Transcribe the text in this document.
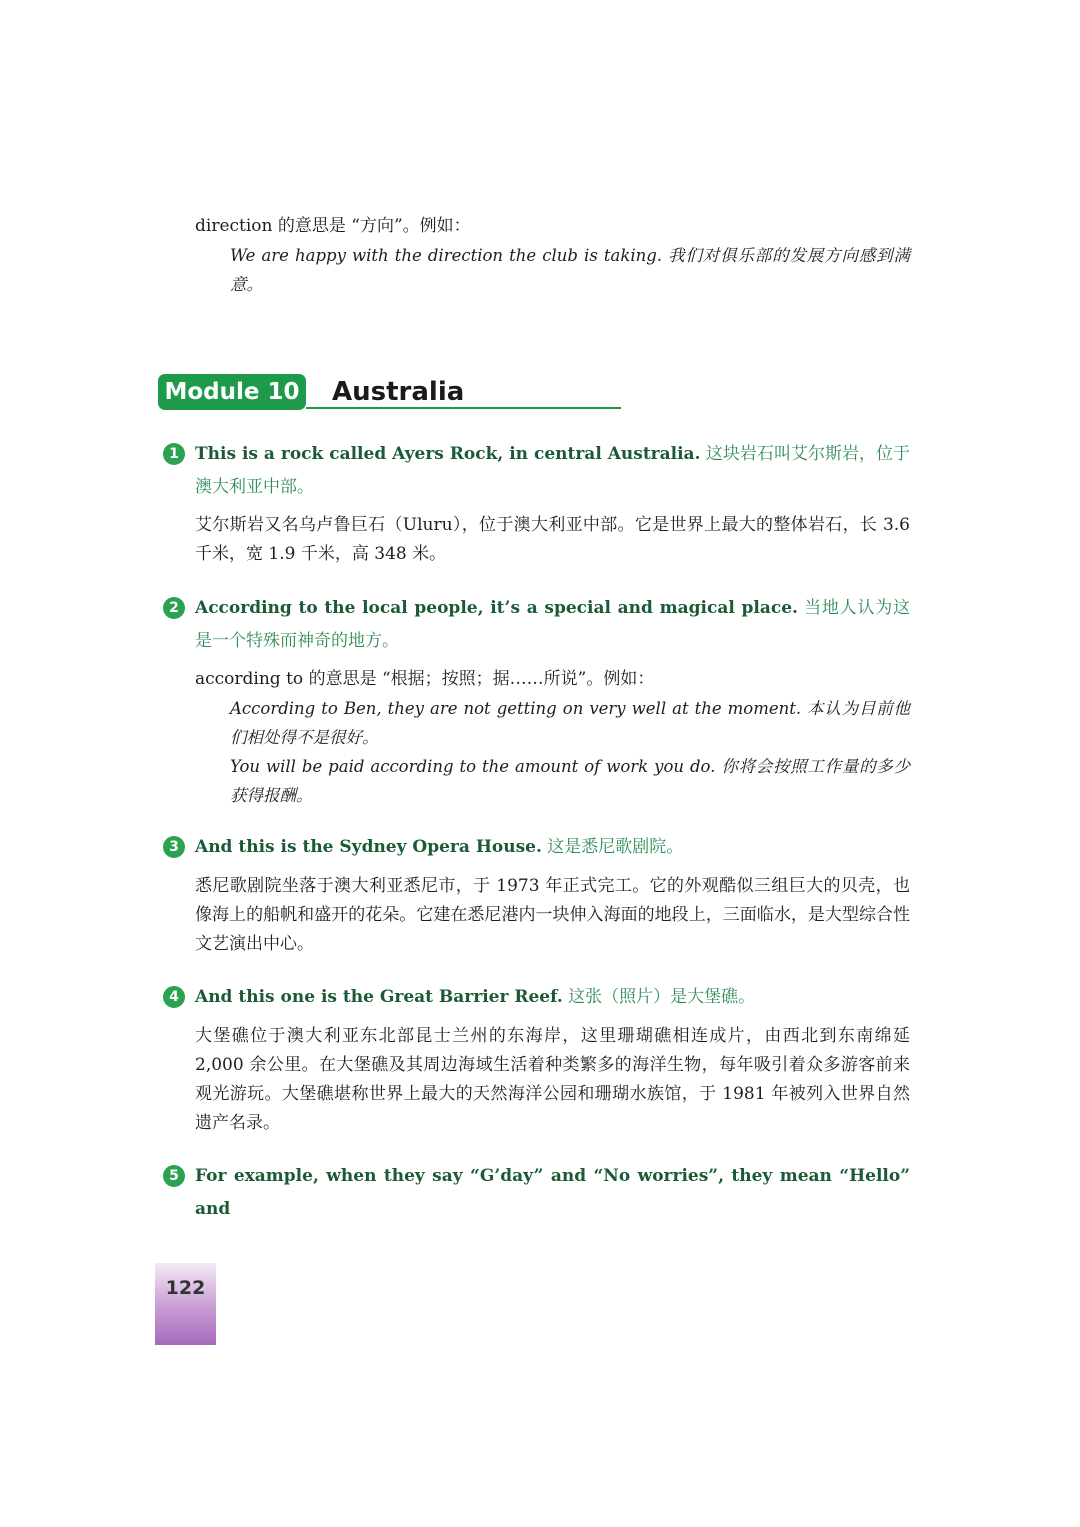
direction 的意思是 “方向”。例如：
We are happy with the direction the club is taking. 我们对俱乐部的发展方向感到满意。
Module 10 Australia
1 This is a rock called Ayers Rock, in central Australia. 这块岩石叫艾尔斯岩，位于澳大利亚中部。
艾尔斯岩又名乌卢鲁巨石（Uluru），位于澳大利亚中部。它是世界上最大的整体岩石，长 3.6 千米，宽 1.9 千米，高 348 米。
2 According to the local people, it’s a special and magical place. 当地人认为这是一个特殊而神奇的地方。
according to 的意思是 “根据；按照；据……所说”。例如：
According to Ben, they are not getting on very well at the moment. 本认为目前他们相处得不是很好。
You will be paid according to the amount of work you do. 你将会按照工作量的多少获得报酬。
3 And this is the Sydney Opera House. 这是悉尼歌剧院。
悉尼歌剧院坐落于澳大利亚悉尼市，于 1973 年正式完工。它的外观酷似三组巨大的贝壳，也像海上的船帆和盛开的花朵。它建在悉尼港内一块伸入海面的地段上，三面临水，是大型综合性文艺演出中心。
4 And this one is the Great Barrier Reef. 这张（照片）是大堡礁。
大堡礁位于澳大利亚东北部昆士兰州的东海岸，这里珊瑚礁相连成片，由西北到东南绵延 2,000 余公里。在大堡礁及其周边海域生活着种类繁多的海洋生物，每年吸引着众多游客前来观光游玩。大堡礁堪称世界上最大的天然海洋公园和珊瑚水族馆，于 1981 年被列入世界自然遗产名录。
5 For example, when they say “G’day” and “No worries”, they mean “Hello” and
122
